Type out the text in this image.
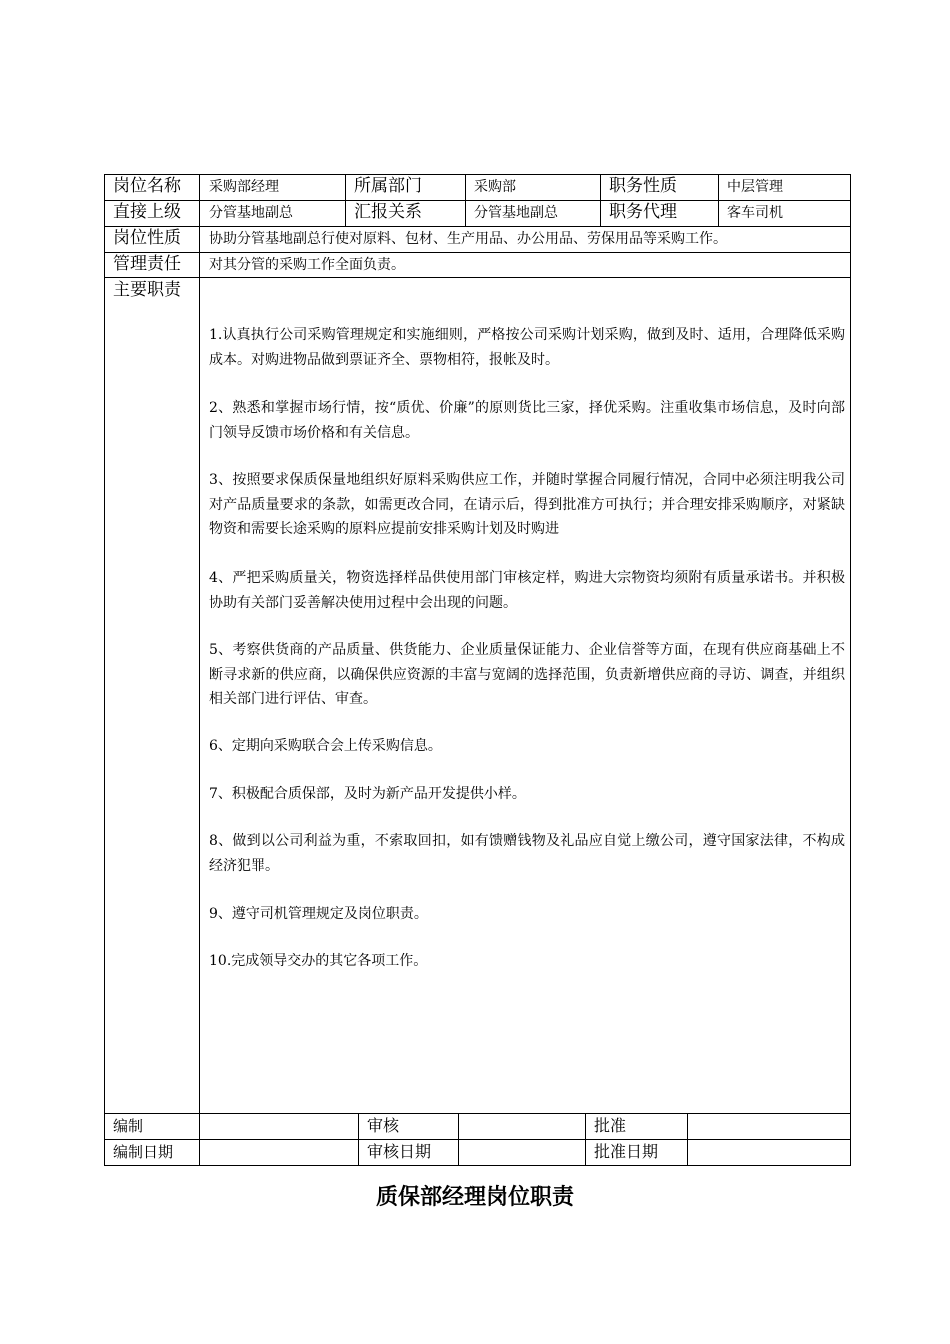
岗位名称 采购部经理	所属部门	采购部	职务性质	中层管理
直接上级 分管基地副总	汇报关系	分管基地副总	职务代理	客车司机
岗位性质 协助分管基地副总行使对原料、包材、生产用品、办公用品、劳保用品等采购工作。
管理责任 对其分管的采购工作全面负责。
主要职责
1.认真执行公司采购管理规定和实施细则，严格按公司采购计划采购，做到及时、适用，合理降低采购成本。对购进物品做到票证齐全、票物相符，报帐及时。
2、熟悉和掌握市场行情，按“质优、价廉”的原则货比三家，择优采购。注重收集市场信息，及时向部门领导反馈市场价格和有关信息。
3、按照要求保质保量地组织好原料采购供应工作，并随时掌握合同履行情况，合同中必须注明我公司对产品质量要求的条款，如需更改合同，在请示后，得到批准方可执行；并合理安排采购顺序，对紧缺物资和需要长途采购的原料应提前安排采购计划及时购进
4、严把采购质量关，物资选择样品供使用部门审核定样，购进大宗物资均须附有质量承诺书。并积极协助有关部门妥善解决使用过程中会出现的问题。
5、考察供货商的产品质量、供货能力、企业质量保证能力、企业信誉等方面，在现有供应商基础上不断寻求新的供应商，以确保供应资源的丰富与宽阔的选择范围，负责新增供应商的寻访、调查，并组织相关部门进行评估、审查。
6、定期向采购联合会上传采购信息。
7、积极配合质保部，及时为新产品开发提供小样。
8、做到以公司利益为重，不索取回扣，如有馈赠钱物及礼品应自觉上缴公司，遵守国家法律，不构成经济犯罪。
9、遵守司机管理规定及岗位职责。
10.完成领导交办的其它各项工作。
编制	审核	批准
编制日期	审核日期	批准日期
质保部经理岗位职责
